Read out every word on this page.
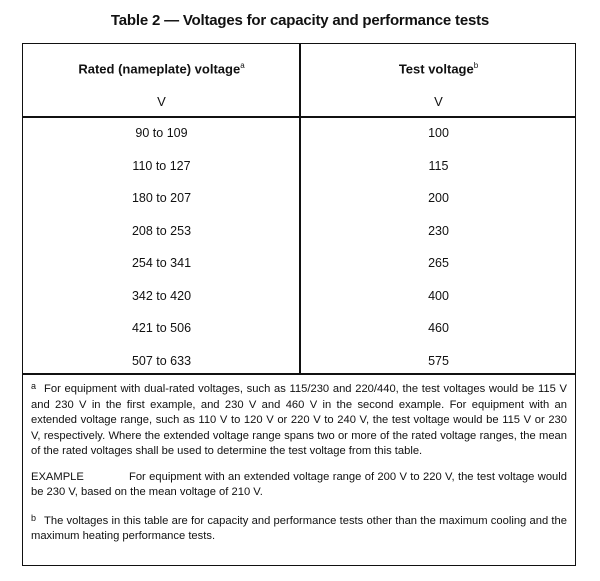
Table 2 — Voltages for capacity and performance tests
Rated (nameplate) voltage$^a$	Test voltage$^b$
V	V
90 to 109	100
110 to 127	115
180 to 207	200
208 to 253	230
254 to 341	265
342 to 420	400
421 to 506	460
507 to 633	575

$^a$ For equipment with dual-rated voltages, such as 115/230 and 220/440, the test voltages would be 115 V and 230 V in the first example, and 230 V and 460 V in the second example. For equipment with an extended voltage range, such as 110 V to 120 V or 220 V to 240 V, the test voltage would be 115 V or 230 V, respectively. Where the extended voltage range spans two or more of the rated voltage ranges, the mean of the rated voltages shall be used to determine the test voltage from this table.

EXAMPLE	For equipment with an extended voltage range of 200 V to 220 V, the test voltage would be 230 V, based on the mean voltage of 210 V.

$^b$ The voltages in this table are for capacity and performance tests other than the maximum cooling and the maximum heating performance tests.
